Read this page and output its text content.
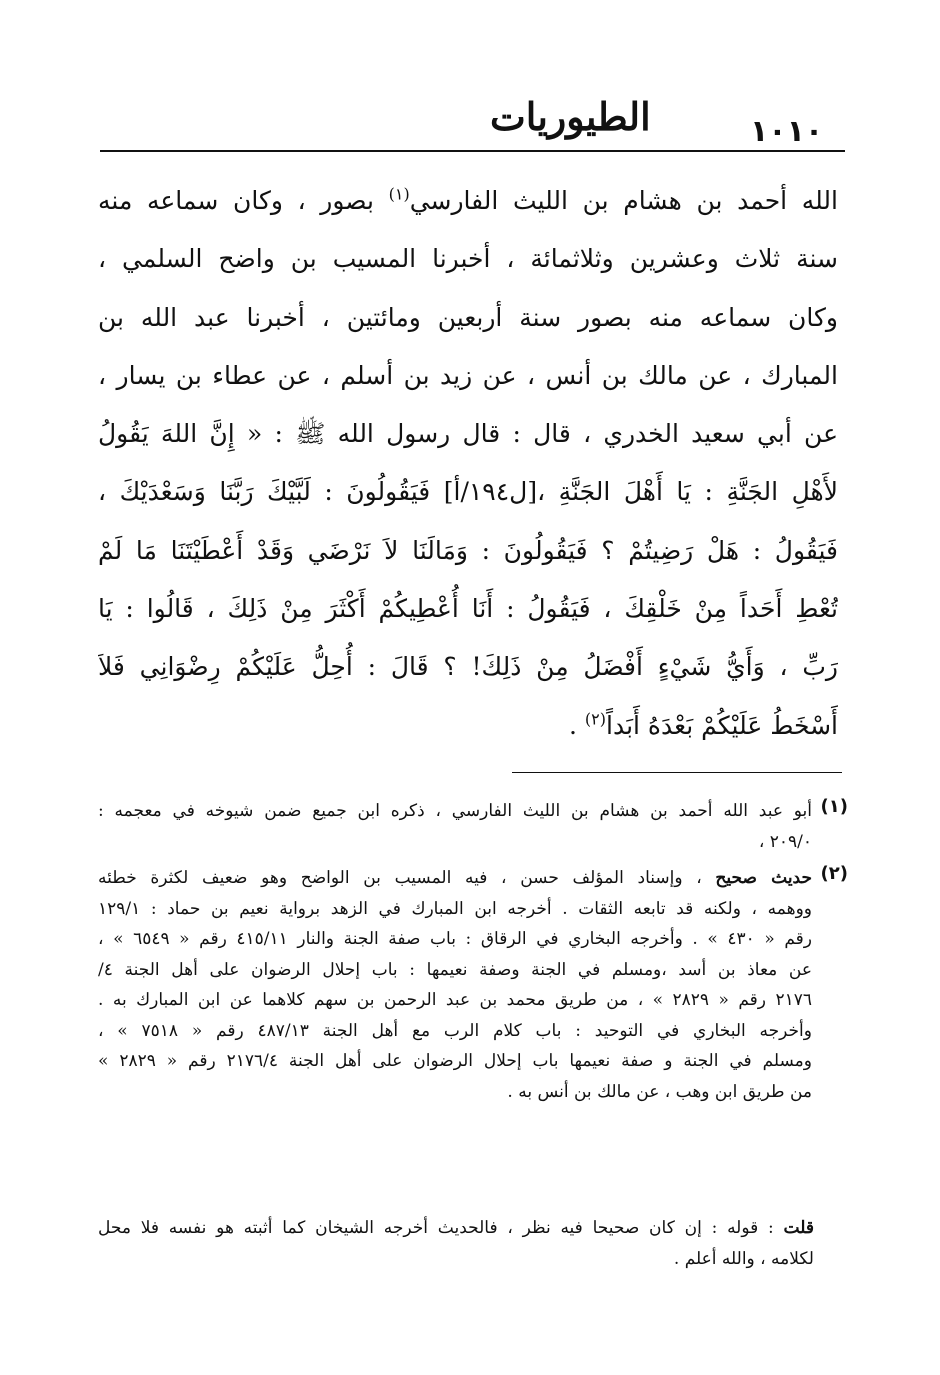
١٠١٠
الطيوريات
الله أحمد بن هشام بن الليث الفارسي$^{(١)}$ بصور ، وكان سماعه منه
سنة ثلاث وعشرين وثلاثمائة ، أخبرنا المسيب بن واضح السلمي ،
وكان سماعه منه بصور سنة أربعين ومائتين ، أخبرنا عبد الله بن
المبارك ، عن مالك بن أنس ، عن زيد بن أسلم ، عن عطاء بن يسار ،
عن أبي سعيد الخدري ، قال : قال رسول الله ﷺ : « إِنَّ اللهَ يَقُولُ
لأَهْلِ الجَنَّةِ : يَا أَهْلَ الجَنَّةِ ،[ل١٩٤/أ] فَيَقُولُونَ : لَبَّيْكَ رَبَّنَا وَسَعْدَيْكَ ،
فَيَقُولُ : هَلْ رَضِيتُمْ ؟ فَيَقُولُونَ : وَمَالَنَا لاَ نَرْضَي وَقَدْ أَعْطَيْتَنَا مَا لَمْ
تُعْطِ أَحَداً مِنْ خَلْقِكَ ، فَيَقُولُ : أَنَا أُعْطِيكُمْ أَكْثَرَ مِنْ ذَلِكَ ، قَالُوا : يَا
رَبِّ ، وَأَيُّ شَيْءٍ أَفْضَلُ مِنْ ذَلِكَ! ؟ قَالَ : أُحِلُّ عَلَيْكُمْ رِضْوَانِي فَلاَ
أَسْخَطُ عَلَيْكُمْ بَعْدَهُ أَبَداً$^{(٢)}$ .
(١)
أبو عبد الله أحمد بن هشام بن الليث الفارسي ، ذكره ابن جميع ضمن شيوخه في معجمه :
٢٠٩/٠ ،
(٢)
حديث صحيح ، وإسناد المؤلف حسن ، فيه المسيب بن الواضح وهو ضعيف لكثرة خطئه
ووهمه ، ولكنه قد تابعه الثقات . أخرجه ابن المبارك في الزهد برواية نعيم بن حماد : ١٢٩/١
رقم « ٤٣٠ » . وأخرجه البخاري في الرقاق : باب صفة الجنة والنار ٤١٥/١١ رقم « ٦٥٤٩ » ،
عن معاذ بن أسد ،ومسلم في الجنة وصفة نعيمها : باب إحلال الرضوان على أهل الجنة ٤/
٢١٧٦ رقم « ٢٨٢٩ » ، من طريق محمد بن عبد الرحمن بن سهم كلاهما عن ابن المبارك به .
وأخرجه البخاري في التوحيد : باب كلام الرب مع أهل الجنة ٤٨٧/١٣ رقم « ٧٥١٨ » ،
ومسلم في الجنة و صفة نعيمها باب إحلال الرضوان على أهل الجنة ٢١٧٦/٤ رقم « ٢٨٢٩ »
من طريق ابن وهب ، عن مالك بن أنس به .
قلت : قوله : إن كان صحيحا فيه نظر ، فالحديث أخرجه الشيخان كما أثبته هو نفسه فلا محل
لكلامه ، والله أعلم .
